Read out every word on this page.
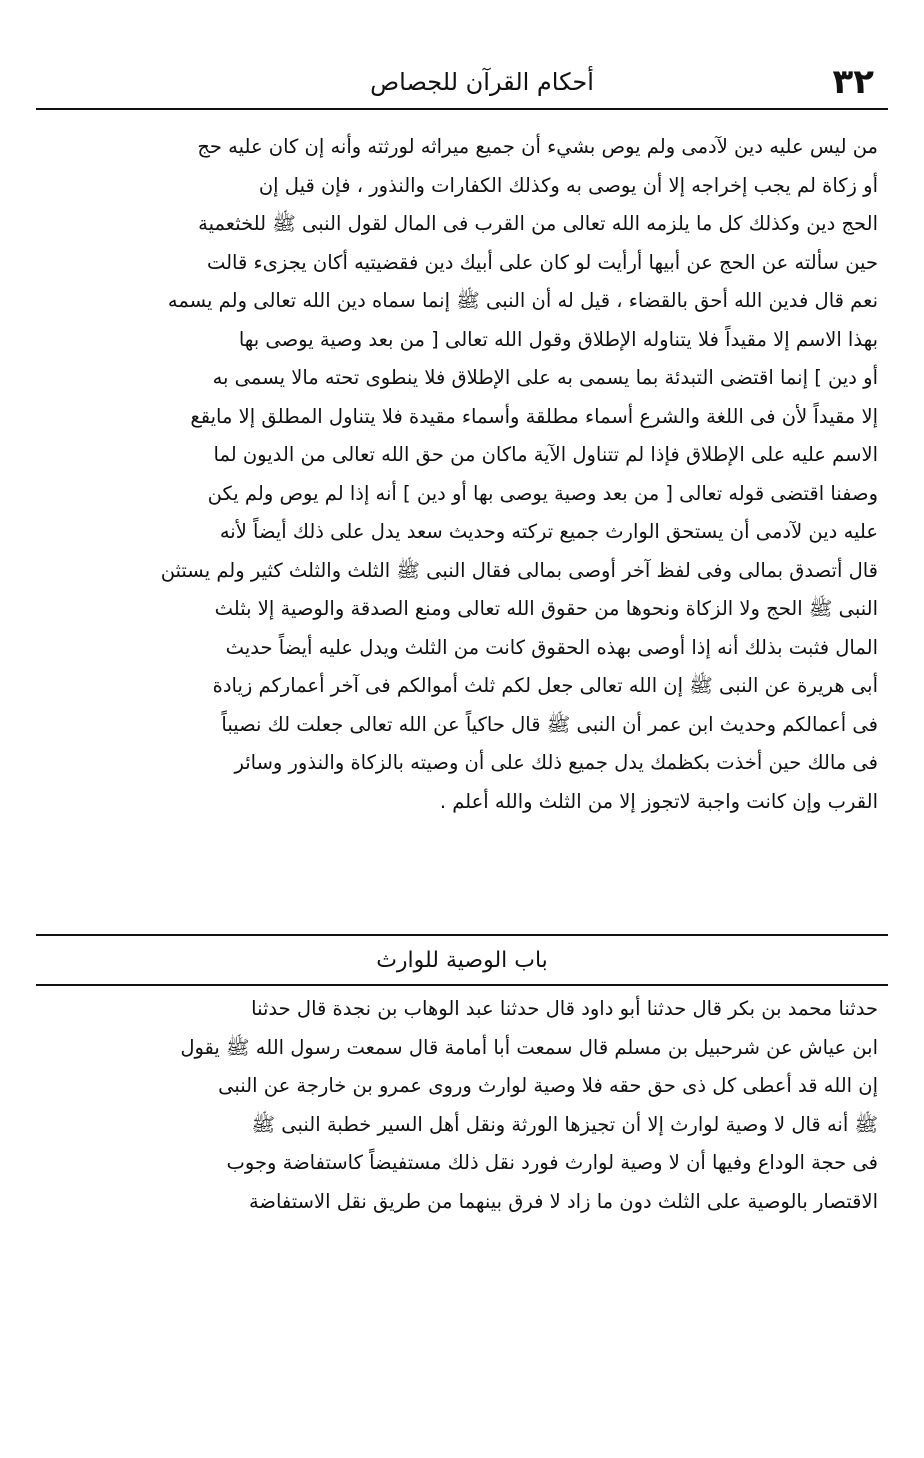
٣٢
أحكام القرآن للجصاص
من ليس عليه دين لآدمى ولم يوص بشيء أن جميع ميراثه لورثته وأنه إن كان عليه حج
أو زكاة لم يجب إخراجه إلا أن يوصى به وكذلك الكفارات والنذور ، فإن قيل إن
الحج دين وكذلك كل ما يلزمه الله تعالى من القرب فى المال لقول النبى ﷺ للخثعمية
حين سألته عن الحج عن أبيها أرأيت لو كان على أبيك دين فقضيتيه أكان يجزىء قالت
نعم قال فدين الله أحق بالقضاء ، قيل له أن النبى ﷺ إنما سماه دين الله تعالى ولم يسمه
بهذا الاسم إلا مقيداً فلا يتناوله الإطلاق وقول الله تعالى [ من بعد وصية يوصى بها
أو دين ] إنما اقتضى التبدئة بما يسمى به على الإطلاق فلا ينطوى تحته مالا يسمى به
إلا مقيداً لأن فى اللغة والشرع أسماء مطلقة وأسماء مقيدة فلا يتناول المطلق إلا مايقع
الاسم عليه على الإطلاق فإذا لم تتناول الآية ماكان من حق الله تعالى من الديون لما
وصفنا اقتضى قوله تعالى [ من بعد وصية يوصى بها أو دين ] أنه إذا لم يوص ولم يكن
عليه دين لآدمى أن يستحق الوارث جميع تركته وحديث سعد يدل على ذلك أيضاً لأنه
قال أتصدق بمالى وفى لفظ آخر أوصى بمالى فقال النبى ﷺ الثلث والثلث كثير ولم يستثن
النبى ﷺ الحج ولا الزكاة ونحوها من حقوق الله تعالى ومنع الصدقة والوصية إلا بثلث
المال فثبت بذلك أنه إذا أوصى بهذه الحقوق كانت من الثلث ويدل عليه أيضاً حديث
أبى هريرة عن النبى ﷺ إن الله تعالى جعل لكم ثلث أموالكم فى آخر أعماركم زيادة
فى أعمالكم وحديث ابن عمر أن النبى ﷺ قال حاكياً عن الله تعالى جعلت لك نصيباً
فى مالك حين أخذت بكظمك يدل جميع ذلك على أن وصيته بالزكاة والنذور وسائر
القرب وإن كانت واجبة لاتجوز إلا من الثلث والله أعلم .
باب الوصية للوارث
حدثنا محمد بن بكر قال حدثنا أبو داود قال حدثنا عبد الوهاب بن نجدة قال حدثنا
ابن عياش عن شرحبيل بن مسلم قال سمعت أبا أمامة قال سمعت رسول الله ﷺ يقول
إن الله قد أعطى كل ذى حق حقه فلا وصية لوارث وروى عمرو بن خارجة عن النبى
ﷺ أنه قال لا وصية لوارث إلا أن تجيزها الورثة ونقل أهل السير خطبة النبى ﷺ
فى حجة الوداع وفيها أن لا وصية لوارث فورد نقل ذلك مستفيضاً كاستفاضة وجوب
الاقتصار بالوصية على الثلث دون ما زاد لا فرق بينهما من طريق نقل الاستفاضة
